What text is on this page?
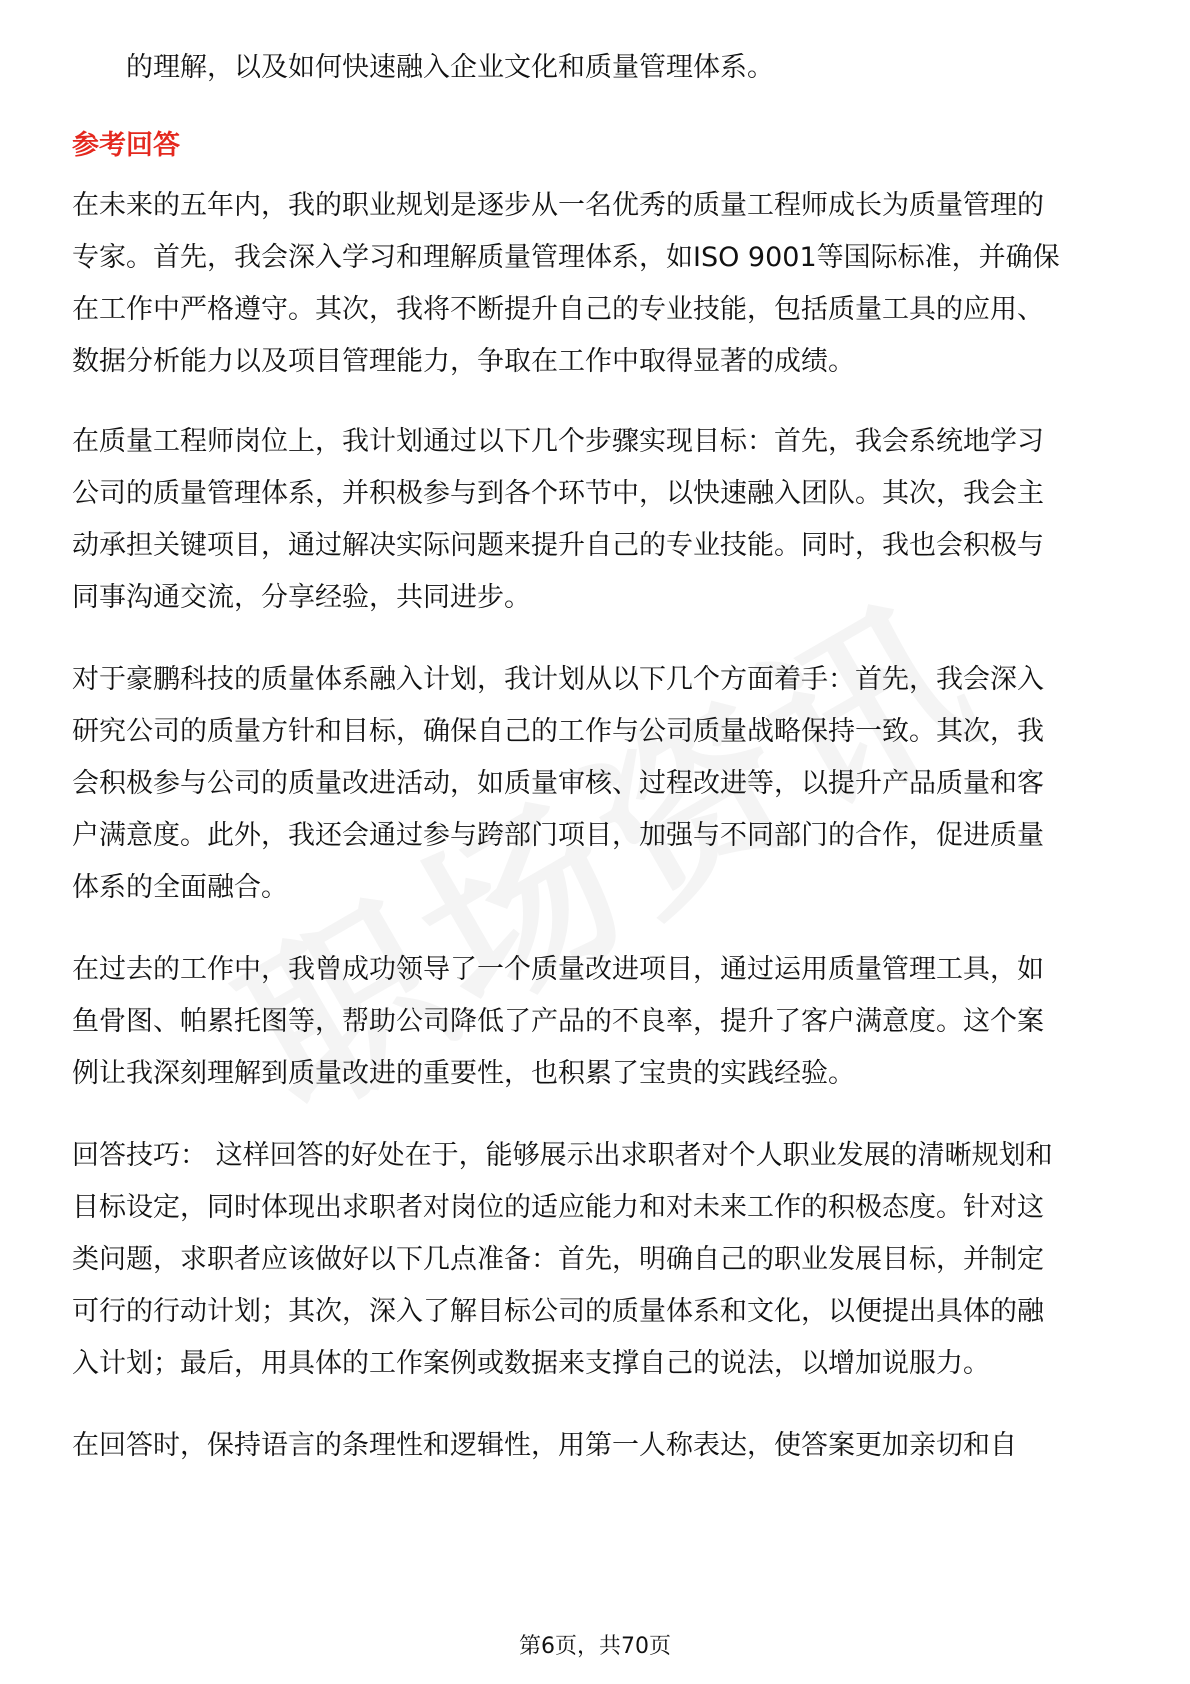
的理解，以及如何快速融入企业文化和质量管理体系。
参考回答
在未来的五年内，我的职业规划是逐步从一名优秀的质量工程师成长为质量管理的
专家。首先，我会深入学习和理解质量管理体系，如ISO 9001等国际标准，并确保
在工作中严格遵守。其次，我将不断提升自己的专业技能，包括质量工具的应用、
数据分析能力以及项目管理能力，争取在工作中取得显著的成绩。
在质量工程师岗位上，我计划通过以下几个步骤实现目标：首先，我会系统地学习
公司的质量管理体系，并积极参与到各个环节中，以快速融入团队。其次，我会主
动承担关键项目，通过解决实际问题来提升自己的专业技能。同时，我也会积极与
同事沟通交流，分享经验，共同进步。
对于豪鹏科技的质量体系融入计划，我计划从以下几个方面着手：首先，我会深入
研究公司的质量方针和目标，确保自己的工作与公司质量战略保持一致。其次，我
会积极参与公司的质量改进活动，如质量审核、过程改进等，以提升产品质量和客
户满意度。此外，我还会通过参与跨部门项目，加强与不同部门的合作，促进质量
体系的全面融合。
在过去的工作中，我曾成功领导了一个质量改进项目，通过运用质量管理工具，如
鱼骨图、帕累托图等，帮助公司降低了产品的不良率，提升了客户满意度。这个案
例让我深刻理解到质量改进的重要性，也积累了宝贵的实践经验。
回答技巧： 这样回答的好处在于，能够展示出求职者对个人职业发展的清晰规划和
目标设定，同时体现出求职者对岗位的适应能力和对未来工作的积极态度。针对这
类问题，求职者应该做好以下几点准备：首先，明确自己的职业发展目标，并制定
可行的行动计划；其次，深入了解目标公司的质量体系和文化，以便提出具体的融
入计划；最后，用具体的工作案例或数据来支撑自己的说法，以增加说服力。
在回答时，保持语言的条理性和逻辑性，用第一人称表达，使答案更加亲切和自
第6页，共70页
